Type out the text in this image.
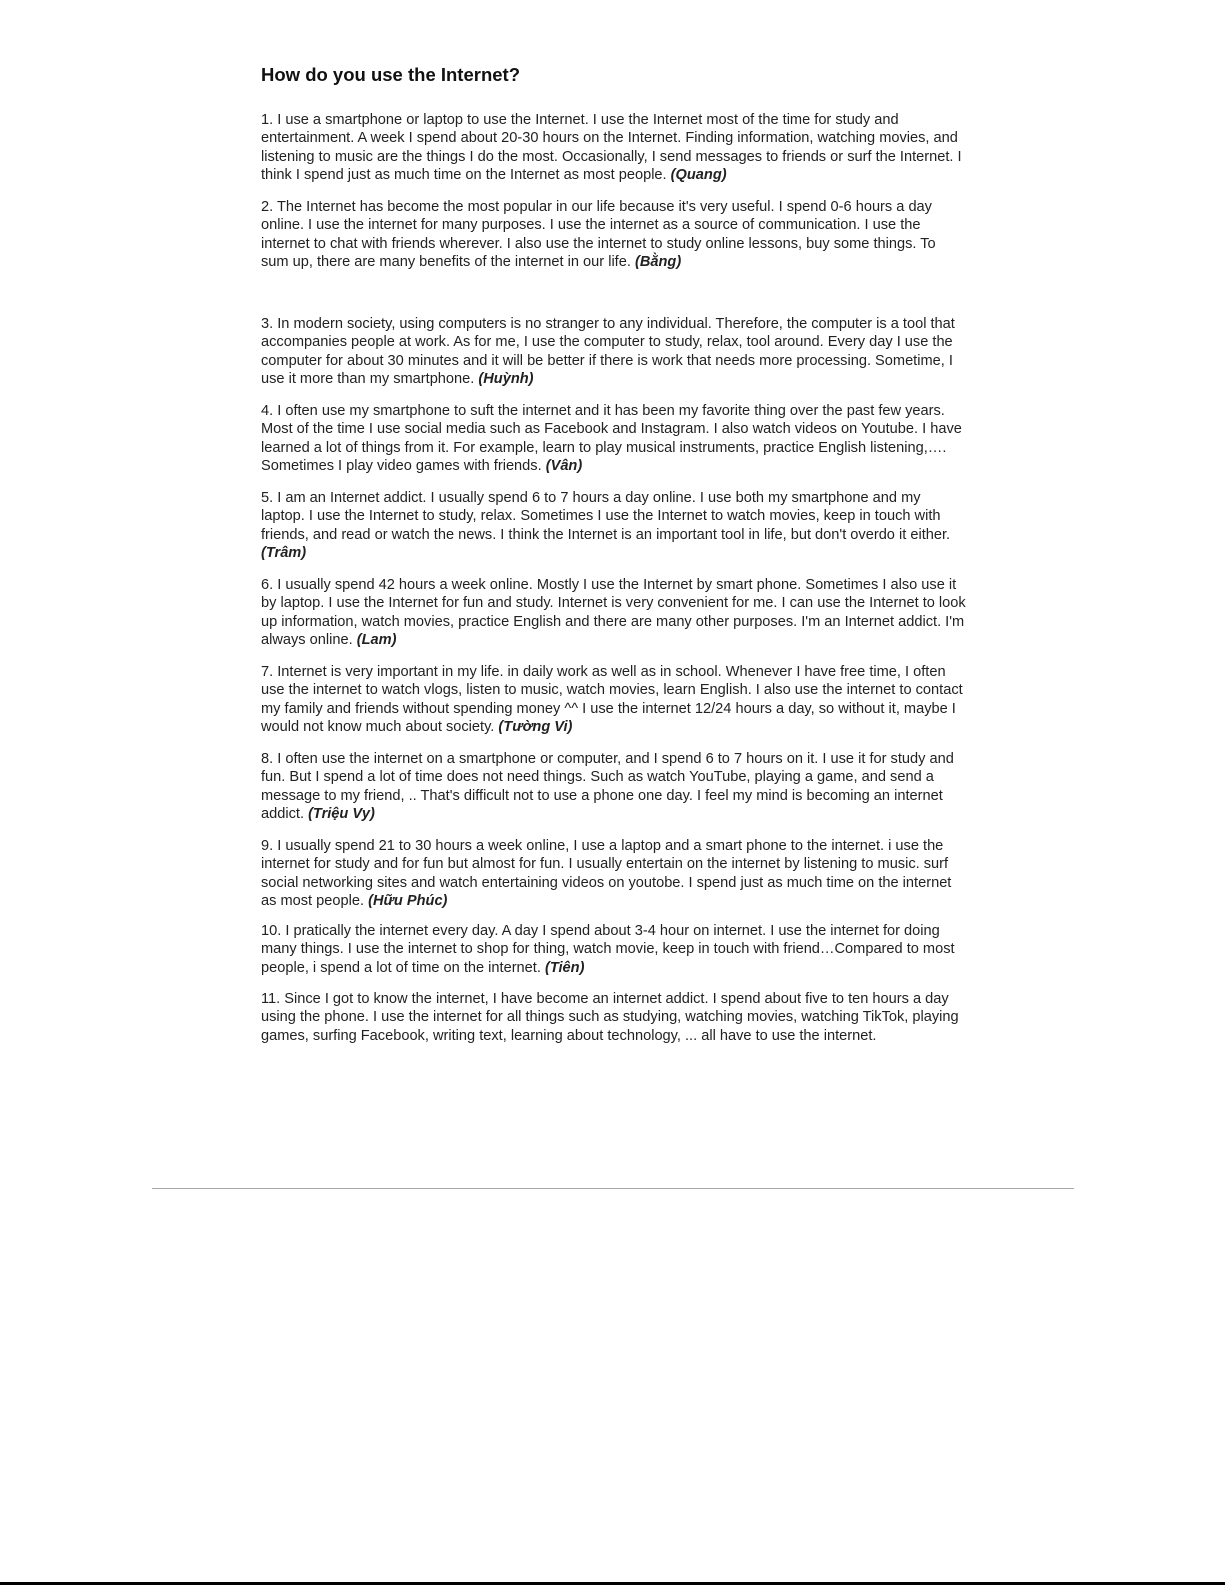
How do you use the Internet?

1. I use a smartphone or laptop to use the Internet. I use the Internet most of the time for study and entertainment. A week I spend about 20-30 hours on the Internet. Finding information, watching movies, and listening to music are the things I do the most. Occasionally, I send messages to friends or surf the Internet. I think I spend just as much time on the Internet as most people. (Quang)

2. The Internet has become the most popular in our life because it's very useful. I spend 0-6 hours a day online. I use the internet for many purposes. I use the internet as a source of communication. I use the internet to chat with friends wherever. I also use the internet to study online lessons, buy some things. To sum up, there are many benefits of the internet in our life. (Bằng)

3. In modern society, using computers is no stranger to any individual. Therefore, the computer is a tool that accompanies people at work. As for me, I use the computer to study, relax, tool around. Every day I use the computer for about 30 minutes and it will be better if there is work that needs more processing. Sometime, I use it more than my smartphone. (Huỳnh)

4. I often use my smartphone to suft the internet and it has been my favorite thing over the past few years. Most of the time I use social media such as Facebook and Instagram. I also watch videos on Youtube. I have learned a lot of things from it. For example, learn to play musical instruments, practice English listening,…. Sometimes I play video games with friends. (Vân)

5. I am an Internet addict. I usually spend 6 to 7 hours a day online. I use both my smartphone and my laptop. I use the Internet to study, relax. Sometimes I use the Internet to watch movies, keep in touch with friends, and read or watch the news. I think the Internet is an important tool in life, but don't overdo it either. (Trâm)

6. I usually spend 42 hours a week online. Mostly I use the Internet by smart phone. Sometimes I also use it by laptop. I use the Internet for fun and study. Internet is very convenient for me. I can use the Internet to look up information, watch movies, practice English and there are many other purposes. I'm an Internet addict. I'm always online. (Lam)

7. Internet is very important in my life. in daily work as well as in school. Whenever I have free time, I often use the internet to watch vlogs, listen to music, watch movies, learn English. I also use the internet to contact my family and friends without spending money ^^ I use the internet 12/24 hours a day, so without it, maybe I would not know much about society. (Tường Vi)

8. I often use the internet on a smartphone or computer, and I spend 6 to 7 hours on it. I use it for study and fun. But I spend a lot of time does not need things. Such as watch YouTube, playing a game, and send a message to my friend, .. That's difficult not to use a phone one day. I feel my mind is becoming an internet addict. (Triệu Vy)

9. I usually spend 21 to 30 hours a week online, I use a laptop and a smart phone to the internet. i use the internet for study and for fun but almost for fun. I usually entertain on the internet by listening to music. surf social networking sites and watch entertaining videos on youtobe. I spend just as much time on the internet as most people. (Hữu Phúc)

10. I pratically the internet every day. A day I spend about 3-4 hour on internet. I use the internet for doing many things. I use the internet to shop for thing, watch movie, keep in touch with friend…Compared to most people, i spend a lot of time on the internet. (Tiên)

11. Since I got to know the internet, I have become an internet addict. I spend about five to ten hours a day using the phone. I use the internet for all things such as studying, watching movies, watching TikTok, playing games, surfing Facebook, writing text, learning about technology, ... all have to use the internet.
